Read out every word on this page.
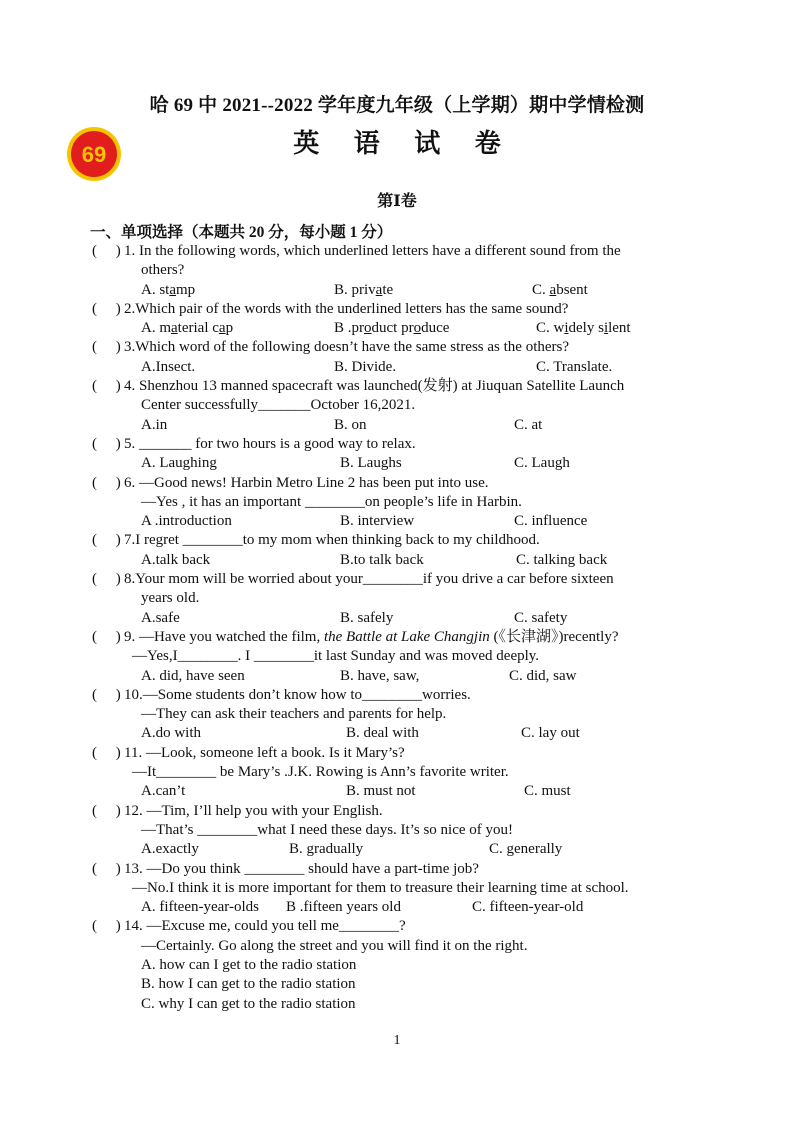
哈 69 中 2021--2022 学年度九年级（上学期）期中学情检测
英 语 试 卷
69
第Ⅰ卷
一、单项选择（本题共 20 分，每小题 1 分）
(     ) 1. In the following words, which underlined letters have a different sound from the
others?
A. stamp	B. private	C. absent
(     ) 2.Which pair of the words with the underlined letters has the same sound?
A. material cap	B .product produce	C. widely silent
(     ) 3.Which word of the following doesn’t have the same stress as the others?
A.Insect.	B. Divide.	C. Translate.
(     ) 4. Shenzhou 13 manned spacecraft was launched(发射) at Jiuquan Satellite Launch
Center successfully_______October 16,2021.
A.in	B. on	C. at
(     ) 5. _______ for two hours is a good way to relax.
A. Laughing	B. Laughs	C. Laugh
(     ) 6. —Good news! Harbin Metro Line 2 has been put into use.
—Yes , it has an important ________on people’s life in Harbin.
A .introduction	B. interview	C. influence
(     ) 7.I regret ________to my mom when thinking back to my childhood.
A.talk back	B.to talk back	C. talking back
(     ) 8.Your mom will be worried about your________if you drive a car before sixteen
years old.
A.safe	B. safely	C. safety
(     ) 9. —Have you watched the film, the Battle at Lake Changjin (《长津湖》)recently?
—Yes,I________. I ________it last Sunday and was moved deeply.
A. did, have seen	B. have, saw,	C. did, saw
(     ) 10.—Some students don’t know how to________worries.
—They can ask their teachers and parents for help.
A.do with	B. deal with	C. lay out
(     ) 11. —Look, someone left a book. Is it Mary’s?
—It________ be Mary’s .J.K. Rowing is Ann’s favorite writer.
A.can’t	B. must not	C. must
(     ) 12. —Tim, I’ll help you with your English.
—That’s ________what I need these days. It’s so nice of you!
A.exactly	B. gradually	C. generally
(     ) 13. —Do you think ________ should have a part-time job?
—No.I think it is more important for them to treasure their learning time at school.
A. fifteen-year-olds B .fifteen years old	C. fifteen-year-old
(     ) 14. —Excuse me, could you tell me________?
—Certainly. Go along the street and you will find it on the right.
A. how can I get to the radio station
B. how I can get to the radio station
C. why I can get to the radio station
1
